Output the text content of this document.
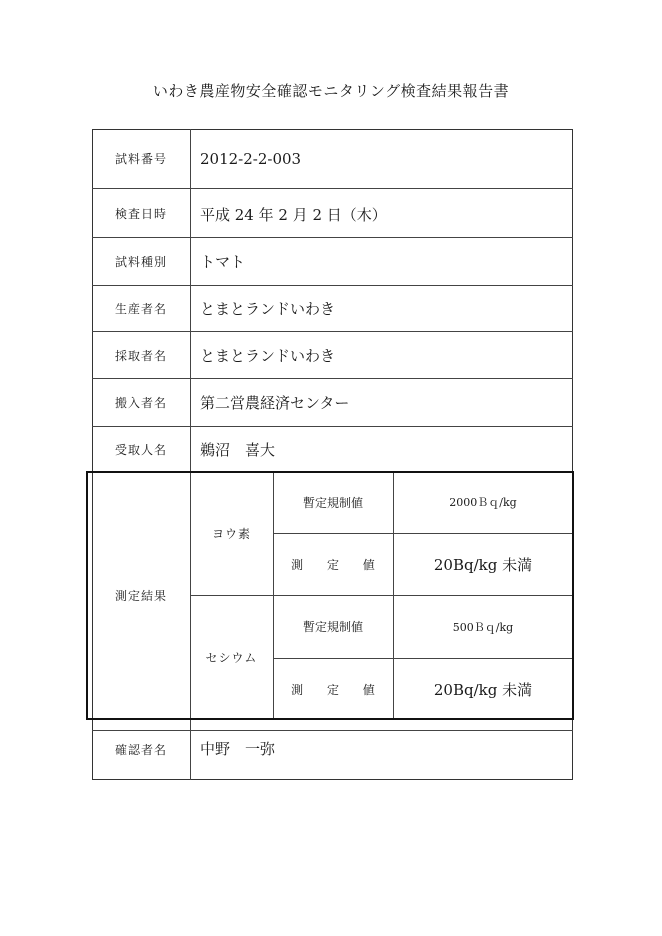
いわき農産物安全確認モニタリング検査結果報告書
試料番号	2012-2-2-003
検査日時	平成 24 年 2 月 2 日（木）
試料種別	トマト
生産者名	とまとランドいわき
採取者名	とまとランドいわき
搬入者名	第二営農経済センター
受取人名	鵜沼　喜大
測定結果
ヨウ素
暫定規制値	2000Ｂｑ/kg
測 定 値	20Bq/kg 未満
セシウム
暫定規制値	500Ｂｑ/kg
測 定 値	20Bq/kg 未満
確認者名	中野　一弥
